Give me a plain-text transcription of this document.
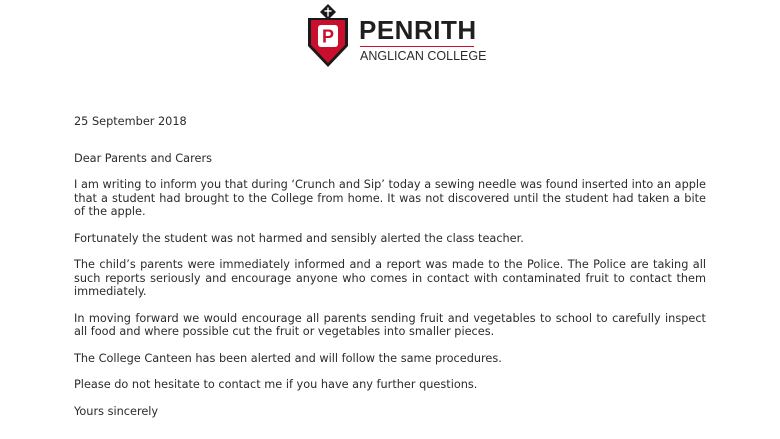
P PENRITH
ANGLICAN COLLEGE

25 September 2018

Dear Parents and Carers

I am writing to inform you that during ‘Crunch and Sip’ today a sewing needle was found inserted into an apple that a student had brought to the College from home. It was not discovered until the student had taken a bite of the apple.

Fortunately the student was not harmed and sensibly alerted the class teacher.

The child’s parents were immediately informed and a report was made to the Police. The Police are taking all such reports seriously and encourage anyone who comes in contact with contaminated fruit to contact them immediately.

In moving forward we would encourage all parents sending fruit and vegetables to school to carefully inspect all food and where possible cut the fruit or vegetables into smaller pieces.

The College Canteen has been alerted and will follow the same procedures.

Please do not hesitate to contact me if you have any further questions.

Yours sincerely
